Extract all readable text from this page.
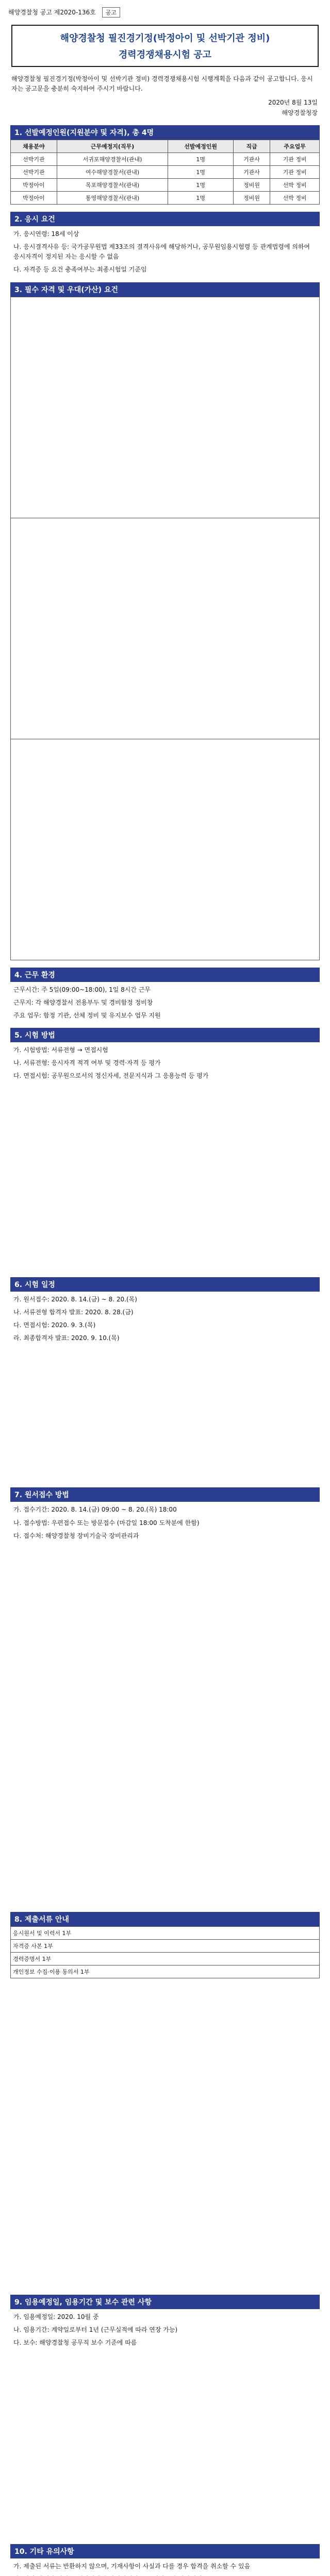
해양경찰청 공고 제2020-136호 공고
해양경찰청 필진경기정(박정아이 및 선박기관 정비)
경력경쟁채용시험 공고
해양경찰청 필진경기정(박정아이 및 선박기관 정비) 경력경쟁채용시험 시행계획을 다음과 같이 공고합니다. 응시자는 공고문을 충분히 숙지하여 주시기 바랍니다.
2020년 8월 13일
해양경찰청장
1. 선발예정인원(지원분야 및 자격), 총 4명
채용분야	근무예정지(직무)	선발예정인원	직급	주요업무
선박기관	서귀포해양경찰서(관내)	1명	기관사	기관 정비
선박기관	여수해양경찰서(관내)	1명	기관사	기관 정비
박정아이	목포해양경찰서(관내)	1명	정비원	선박 정비
박정아이	통영해양경찰서(관내)	1명	정비원	선박 정비
2. 응시 요건
가. 응시연령: 18세 이상
나. 응시결격사유 등: 국가공무원법 제33조의 결격사유에 해당하거나, 공무원임용시험령 등 관계법령에 의하여 응시자격이 정지된 자는 응시할 수 없음
다. 자격증 등 요건 충족여부는 최종시험일 기준임
3. 필수 자격 및 우대(가산) 요건

4. 근무 환경
근무시간: 주 5일(09:00~18:00), 1일 8시간 근무
근무지: 각 해양경찰서 전용부두 및 경비함정 정비창
주요 업무: 함정 기관, 선체 정비 및 유지보수 업무 지원
5. 시험 방법
가. 시험방법: 서류전형 → 면접시험
나. 서류전형: 응시자격 적격 여부 및 경력·자격 등 평가
다. 면접시험: 공무원으로서의 정신자세, 전문지식과 그 응용능력 등 평가
6. 시험 일정
가. 원서접수: 2020. 8. 14.(금) ~ 8. 20.(목)
나. 서류전형 합격자 발표: 2020. 8. 28.(금)
다. 면접시험: 2020. 9. 3.(목)
라. 최종합격자 발표: 2020. 9. 10.(목)
7. 원서접수 방법
가. 접수기간: 2020. 8. 14.(금) 09:00 ~ 8. 20.(목) 18:00
나. 접수방법: 우편접수 또는 방문접수 (마감일 18:00 도착분에 한함)
다. 접수처: 해양경찰청 장비기술국 장비관리과
8. 제출서류 안내
응시원서 및 이력서 1부
자격증 사본 1부
경력증명서 1부
개인정보 수집·이용 동의서 1부
9. 임용예정일, 임용기간 및 보수 관련 사항
가. 임용예정일: 2020. 10월 중
나. 임용기간: 계약일로부터 1년 (근무실적에 따라 연장 가능)
다. 보수: 해양경찰청 공무직 보수 기준에 따름
10. 기타 유의사항
가. 제출된 서류는 반환하지 않으며, 기재사항이 사실과 다를 경우 합격을 취소할 수 있음
